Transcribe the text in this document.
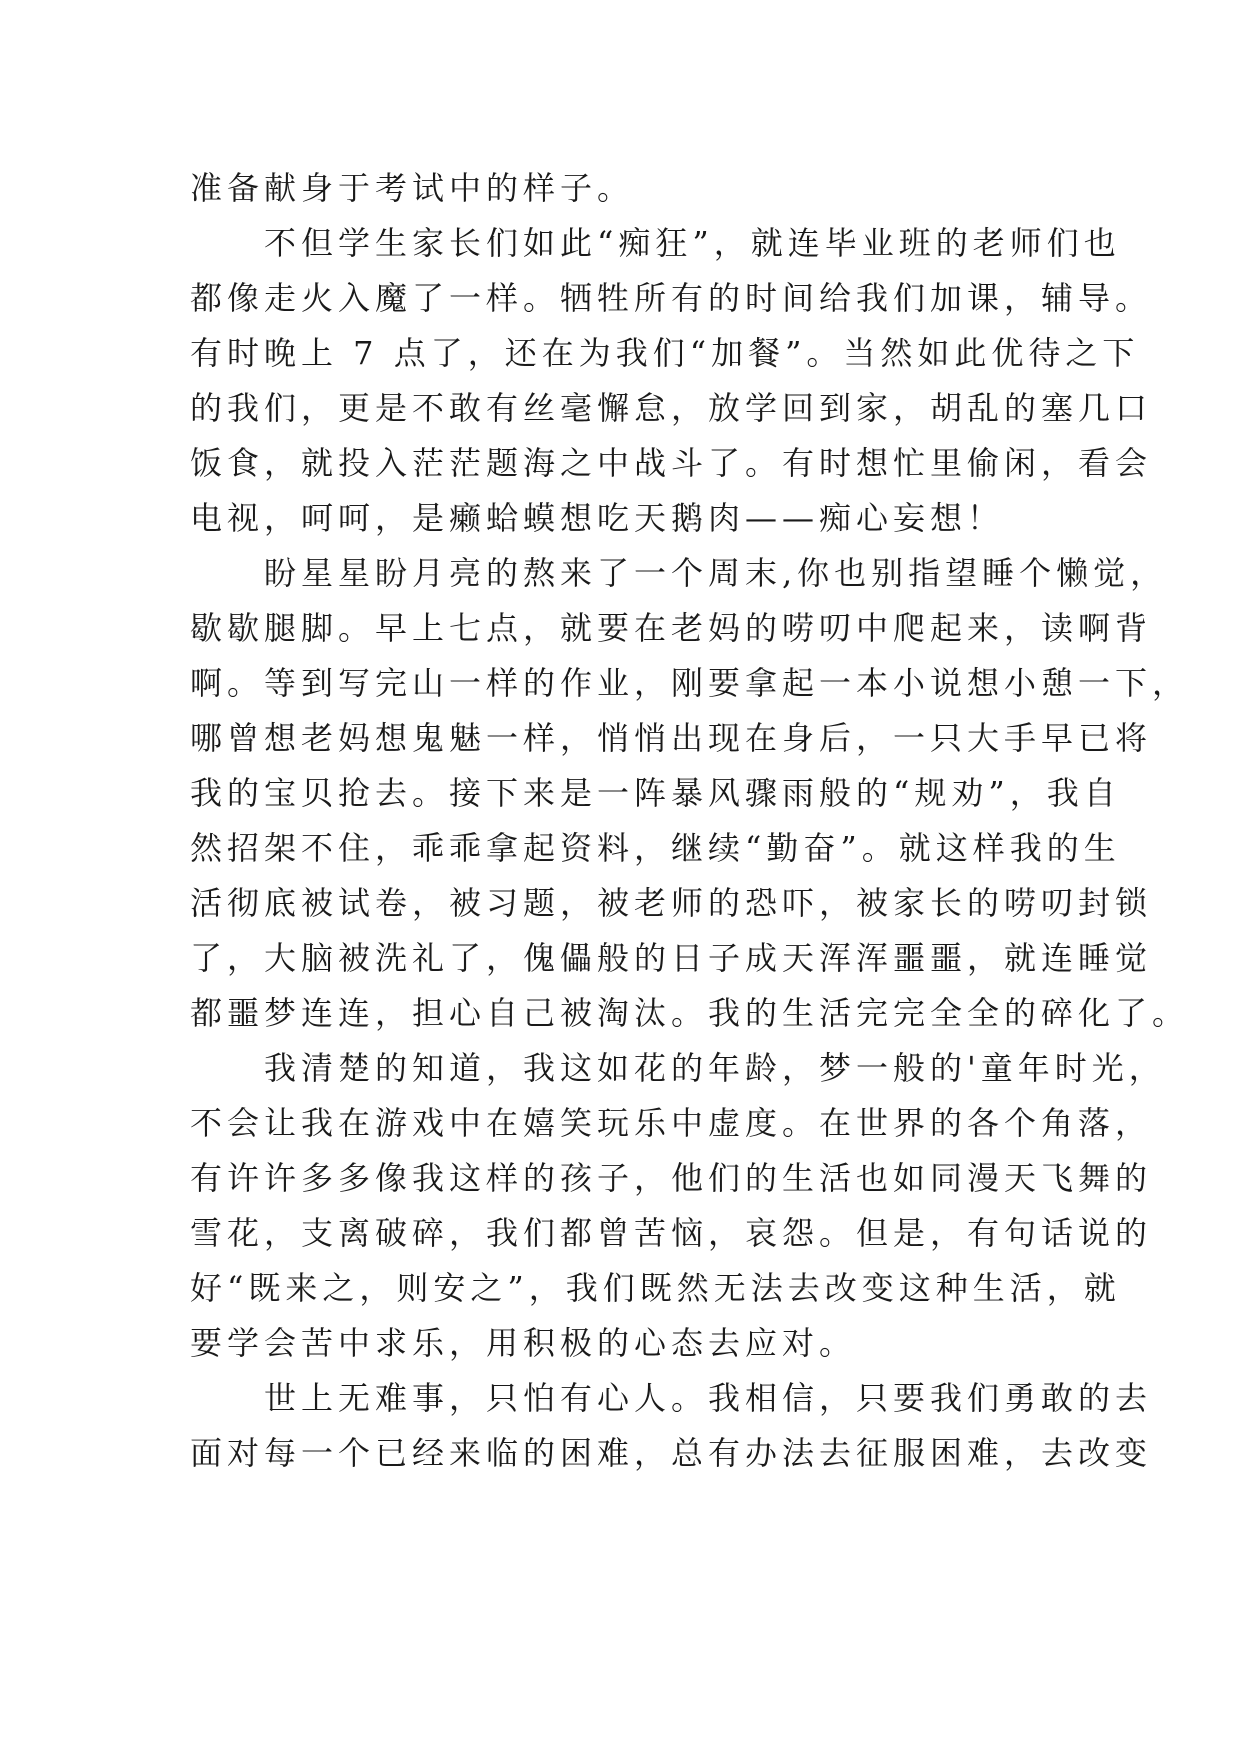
准备献身于考试中的样子。
不但学生家长们如此“痴狂”，就连毕业班的老师们也
都像走火入魔了一样。牺牲所有的时间给我们加课，辅导。
有时晚上 7 点了，还在为我们“加餐”。当然如此优待之下
的我们，更是不敢有丝毫懈怠，放学回到家，胡乱的塞几口
饭食，就投入茫茫题海之中战斗了。有时想忙里偷闲，看会
电视，呵呵，是癞蛤蟆想吃天鹅肉——痴心妄想！
盼星星盼月亮的熬来了一个周末,你也别指望睡个懒觉，
歇歇腿脚。早上七点，就要在老妈的唠叨中爬起来，读啊背
啊。等到写完山一样的作业，刚要拿起一本小说想小憩一下，
哪曾想老妈想鬼魅一样，悄悄出现在身后，一只大手早已将
我的宝贝抢去。接下来是一阵暴风骤雨般的“规劝”，我自
然招架不住，乖乖拿起资料，继续“勤奋”。就这样我的生
活彻底被试卷，被习题，被老师的恐吓，被家长的唠叨封锁
了，大脑被洗礼了，傀儡般的日子成天浑浑噩噩，就连睡觉
都噩梦连连，担心自己被淘汰。我的生活完完全全的碎化了。
我清楚的知道，我这如花的年龄，梦一般的'童年时光，
不会让我在游戏中在嬉笑玩乐中虚度。在世界的各个角落，
有许许多多像我这样的孩子，他们的生活也如同漫天飞舞的
雪花，支离破碎，我们都曾苦恼，哀怨。但是，有句话说的
好“既来之，则安之”，我们既然无法去改变这种生活，就
要学会苦中求乐，用积极的心态去应对。
世上无难事，只怕有心人。我相信，只要我们勇敢的去
面对每一个已经来临的困难，总有办法去征服困难，去改变
